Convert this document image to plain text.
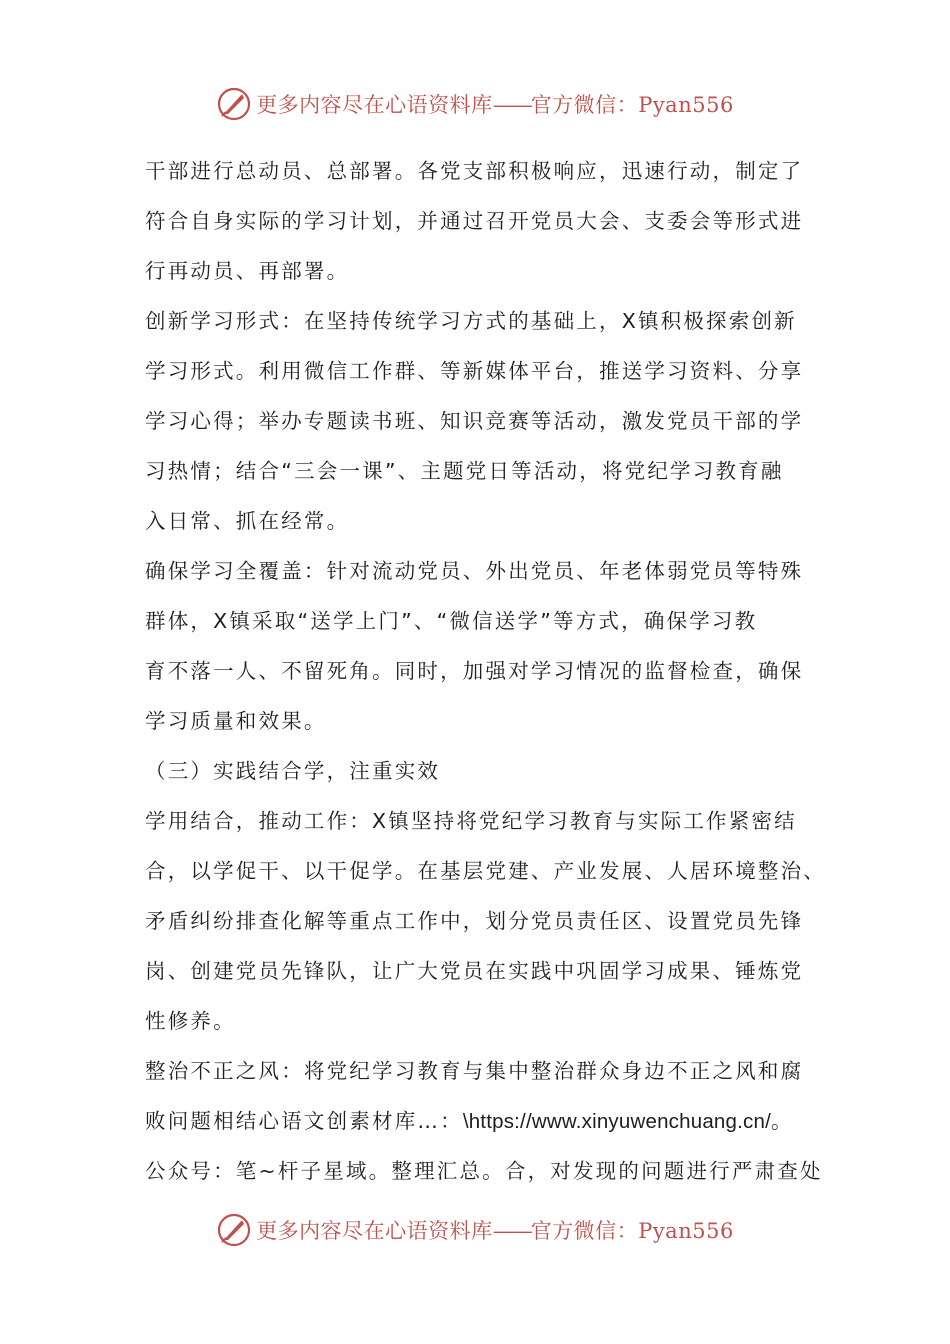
更多内容尽在心语资料库——官方微信：Pyan556
干部进行总动员、总部署。各党支部积极响应，迅速行动，制定了
符合自身实际的学习计划，并通过召开党员大会、支委会等形式进
行再动员、再部署。
创新学习形式：在坚持传统学习方式的基础上，X镇积极探索创新
学习形式。利用微信工作群、等新媒体平台，推送学习资料、分享
学习心得；举办专题读书班、知识竞赛等活动，激发党员干部的学
习热情；结合“三会一课”、主题党日等活动，将党纪学习教育融
入日常、抓在经常。
确保学习全覆盖：针对流动党员、外出党员、年老体弱党员等特殊
群体，X镇采取“送学上门”、“微信送学”等方式，确保学习教
育不落一人、不留死角。同时，加强对学习情况的监督检查，确保
学习质量和效果。
（三）实践结合学，注重实效
学用结合，推动工作：X镇坚持将党纪学习教育与实际工作紧密结
合，以学促干、以干促学。在基层党建、产业发展、人居环境整治、
矛盾纠纷排查化解等重点工作中，划分党员责任区、设置党员先锋
岗、创建党员先锋队，让广大党员在实践中巩固学习成果、锤炼党
性修养。
整治不正之风：将党纪学习教育与集中整治群众身边不正之风和腐
败问题相结心语文创素材库…：\https://www.xinyuwenchuang.cn/。
公众号：笔~杆子星域。整理汇总。合，对发现的问题进行严肃查处
更多内容尽在心语资料库——官方微信：Pyan556
